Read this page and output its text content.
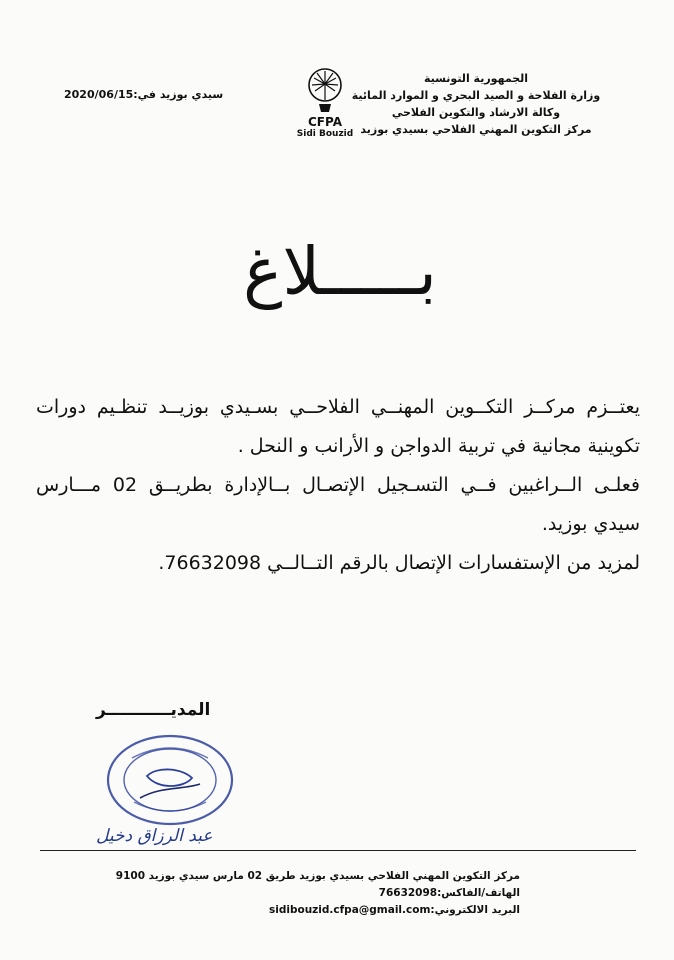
الجمهورية التونسية
وزارة الفلاحة و الصيد البحري و الموارد المائية
وكالة الارشاد والتكوين الفلاحي
مركز التكوين المهني الفلاحي بسيدي بوزيد
CFPA
Sidi Bouzid
سيدي بوزيد في:2020/06/15
بـــــلاغ

يعتــزم مركــز التكــوين المهنــي الفلاحــي بسـيدي بوزيــد تنظـيم دورات تكوينية مجانية في تربية الدواجن و الأرانب و النحل .

فعلـى الــراغبين فــي التسـجيل الإتصـال بــالإدارة بطريــق 02 مـــارس سيدي بوزيد.

لمزيد من الإستفسارات الإتصال بالرقم التــالــي 76632098.

المديـــــــــــر
عبد الرزاق دخيل
مركز التكوين المهني الفلاحي بسيدي بوزيد طريق 02 مارس سيدي بوزيد 9100
الهاتف/الفاكس:76632098
البريد الالكتروني:sidibouzid.cfpa@gmail.com
